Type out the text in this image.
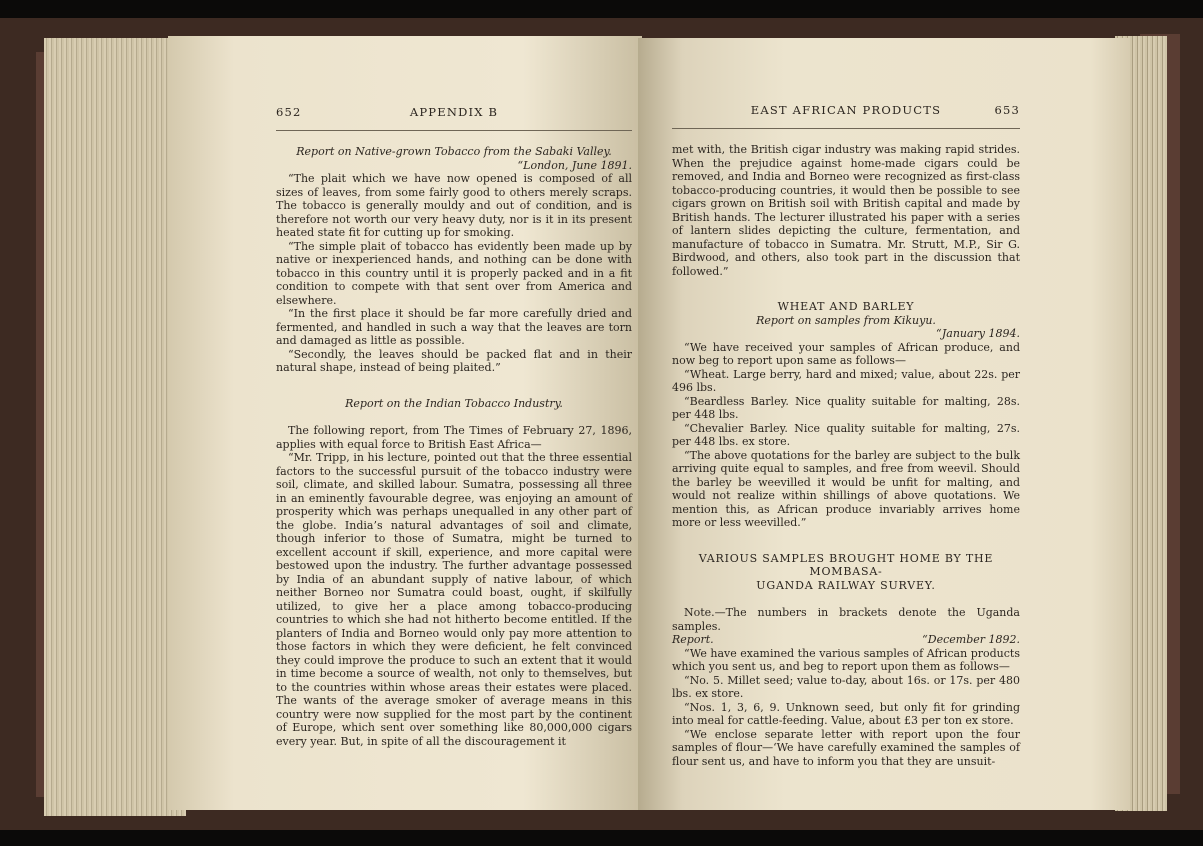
652	APPENDIX B
Report on Native-grown Tobacco from the Sabaki Valley.
“London, June 1891.

“The plait which we have now opened is composed of all sizes of leaves, from some fairly good to others merely scraps. The tobacco is generally mouldy and out of condition, and is therefore not worth our very heavy duty, nor is it in its present heated state fit for cutting up for smoking.

“The simple plait of tobacco has evidently been made up by native or inexperienced hands, and nothing can be done with tobacco in this country until it is properly packed and in a fit condition to compete with that sent over from America and elsewhere.

“In the first place it should be far more carefully dried and fermented, and handled in such a way that the leaves are torn and damaged as little as possible.

“Secondly, the leaves should be packed flat and in their natural shape, instead of being plaited.”

Report on the Indian Tobacco Industry.

The following report, from The Times of February 27, 1896, applies with equal force to British East Africa—

“Mr. Tripp, in his lecture, pointed out that the three essential factors to the successful pursuit of the tobacco industry were soil, climate, and skilled labour. Sumatra, possessing all three in an eminently favourable degree, was enjoying an amount of prosperity which was perhaps unequalled in any other part of the globe. India’s natural advantages of soil and climate, though inferior to those of Sumatra, might be turned to excellent account if skill, experience, and more capital were bestowed upon the industry. The further advantage possessed by India of an abundant supply of native labour, of which neither Borneo nor Sumatra could boast, ought, if skilfully utilized, to give her a place among tobacco-producing countries to which she had not hitherto become entitled. If the planters of India and Borneo would only pay more attention to those factors in which they were deficient, he felt convinced they could improve the produce to such an extent that it would in time become a source of wealth, not only to themselves, but to the countries within whose areas their estates were placed. The wants of the average smoker of average means in this country were now supplied for the most part by the continent of Europe, which sent over something like 80,000,000 cigars every year. But, in spite of all the discouragement it

EAST AFRICAN PRODUCTS	653

met with, the British cigar industry was making rapid strides. When the prejudice against home-made cigars could be removed, and India and Borneo were recognized as first-class tobacco-producing countries, it would then be possible to see cigars grown on British soil with British capital and made by British hands. The lecturer illustrated his paper with a series of lantern slides depicting the culture, fermentation, and manufacture of tobacco in Sumatra. Mr. Strutt, M.P., Sir G. Birdwood, and others, also took part in the discussion that followed.”

WHEAT AND BARLEY
Report on samples from Kikuyu.
“January 1894.

“We have received your samples of African produce, and now beg to report upon same as follows—

“Wheat. Large berry, hard and mixed; value, about 22s. per 496 lbs.

“Beardless Barley. Nice quality suitable for malting, 28s. per 448 lbs.

“Chevalier Barley. Nice quality suitable for malting, 27s. per 448 lbs. ex store.

“The above quotations for the barley are subject to the bulk arriving quite equal to samples, and free from weevil. Should the barley be weevilled it would be unfit for malting, and would not realize within shillings of above quotations. We mention this, as African produce invariably arrives home more or less weevilled.”

VARIOUS SAMPLES BROUGHT HOME BY THE MOMBASA-
UGANDA RAILWAY SURVEY.

Note.—The numbers in brackets denote the Uganda samples.

Report.	“December 1892.

“We have examined the various samples of African products which you sent us, and beg to report upon them as follows—

“No. 5. Millet seed; value to-day, about 16s. or 17s. per 480 lbs. ex store.

“Nos. 1, 3, 6, 9. Unknown seed, but only fit for grinding into meal for cattle-feeding. Value, about £3 per ton ex store.

“We enclose separate letter with report upon the four samples of flour—‘We have carefully examined the samples of flour sent us, and have to inform you that they are unsuit-
